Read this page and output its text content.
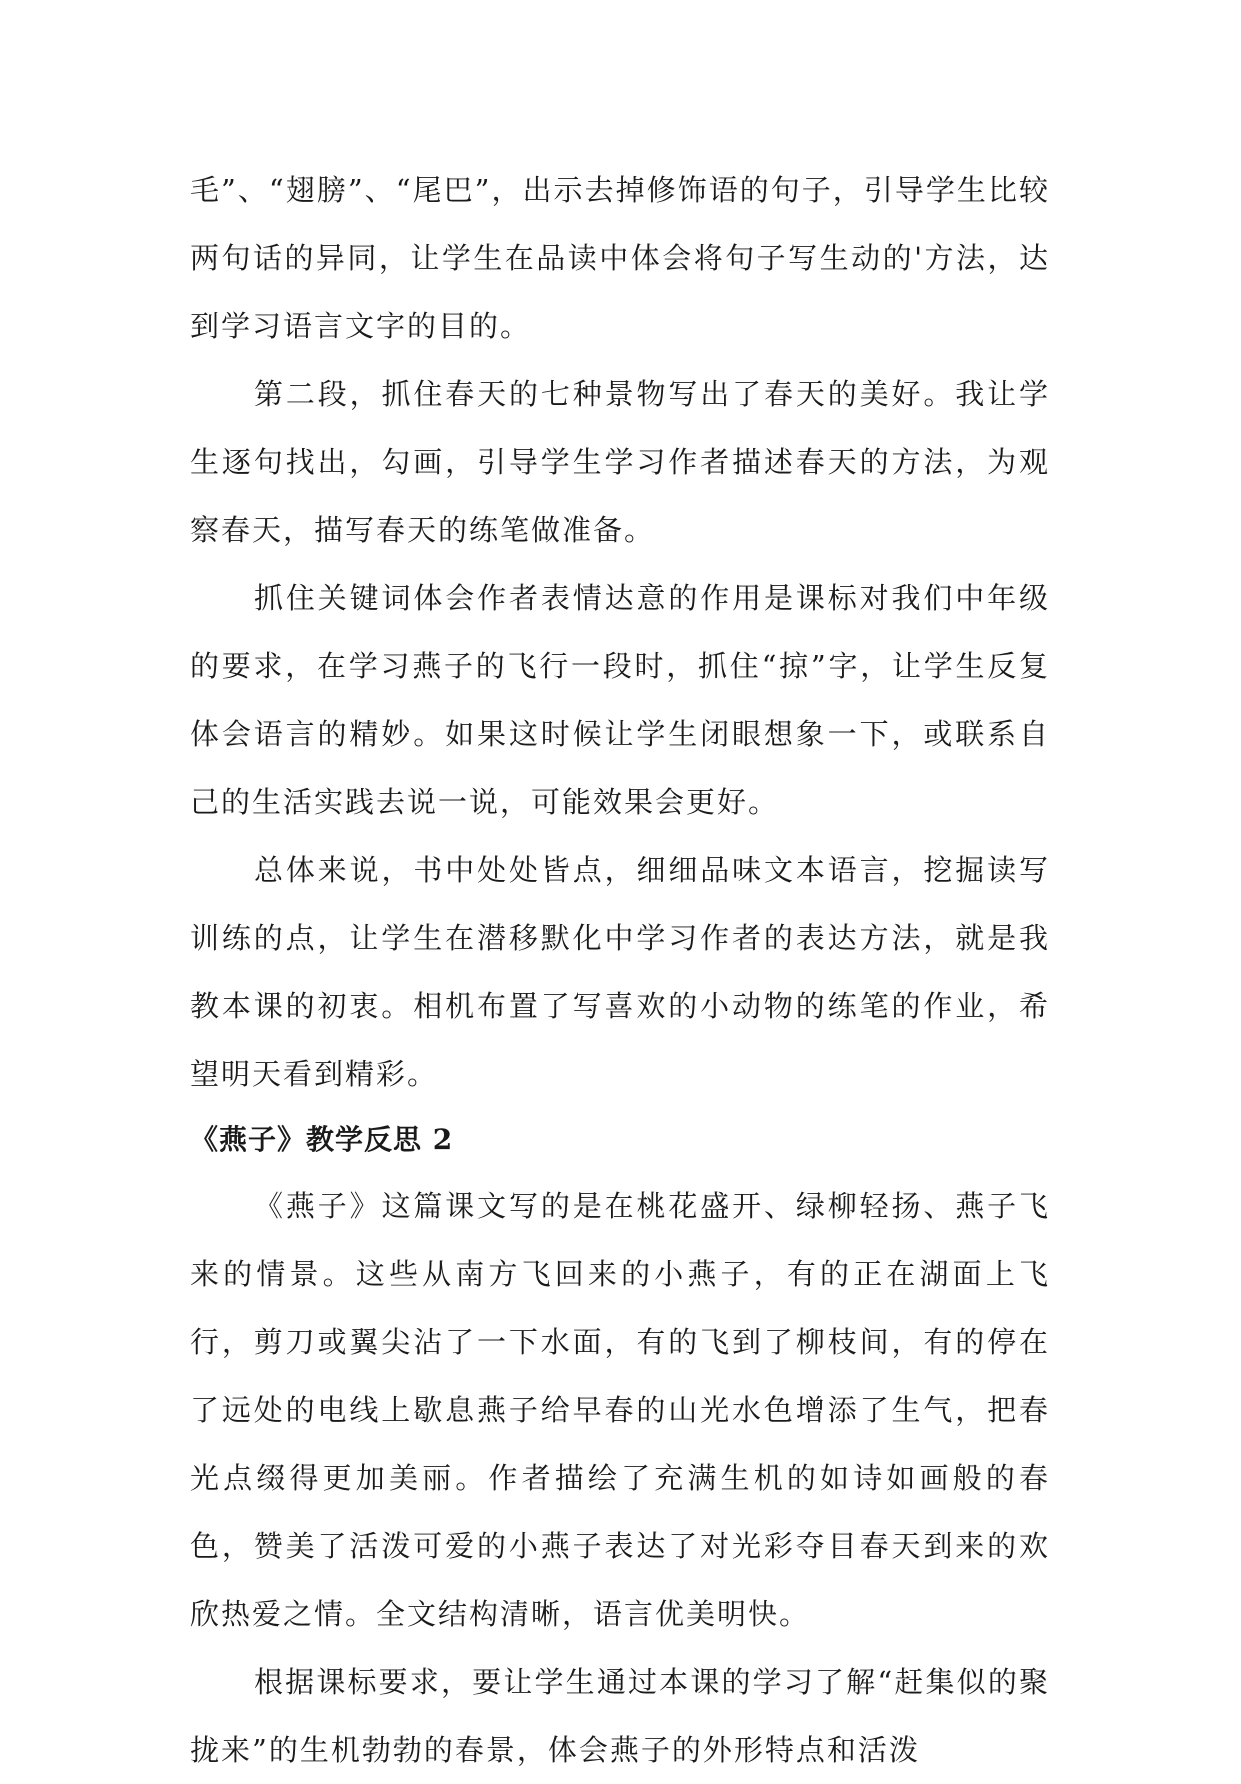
毛”、“翅膀”、“尾巴”，出示去掉修饰语的句子，引导学生比较两句话的异同，让学生在品读中体会将句子写生动的'方法，达到学习语言文字的目的。

第二段，抓住春天的七种景物写出了春天的美好。我让学生逐句找出，勾画，引导学生学习作者描述春天的方法，为观察春天，描写春天的练笔做准备。

抓住关键词体会作者表情达意的作用是课标对我们中年级的要求，在学习燕子的飞行一段时，抓住“掠”字，让学生反复体会语言的精妙。如果这时候让学生闭眼想象一下，或联系自己的生活实践去说一说，可能效果会更好。

总体来说，书中处处皆点，细细品味文本语言，挖掘读写训练的点，让学生在潜移默化中学习作者的表达方法，就是我教本课的初衷。相机布置了写喜欢的小动物的练笔的作业，希望明天看到精彩。

《燕子》教学反思 2

《燕子》这篇课文写的是在桃花盛开、绿柳轻扬、燕子飞来的情景。这些从南方飞回来的小燕子，有的正在湖面上飞行，剪刀或翼尖沾了一下水面，有的飞到了柳枝间，有的停在了远处的电线上歇息燕子给早春的山光水色增添了生气，把春光点缀得更加美丽。作者描绘了充满生机的如诗如画般的春色，赞美了活泼可爱的小燕子表达了对光彩夺目春天到来的欢欣热爱之情。全文结构清晰，语言优美明快。

根据课标要求，要让学生通过本课的学习了解“赶集似的聚拢来”的生机勃勃的春景，体会燕子的外形特点和活泼
